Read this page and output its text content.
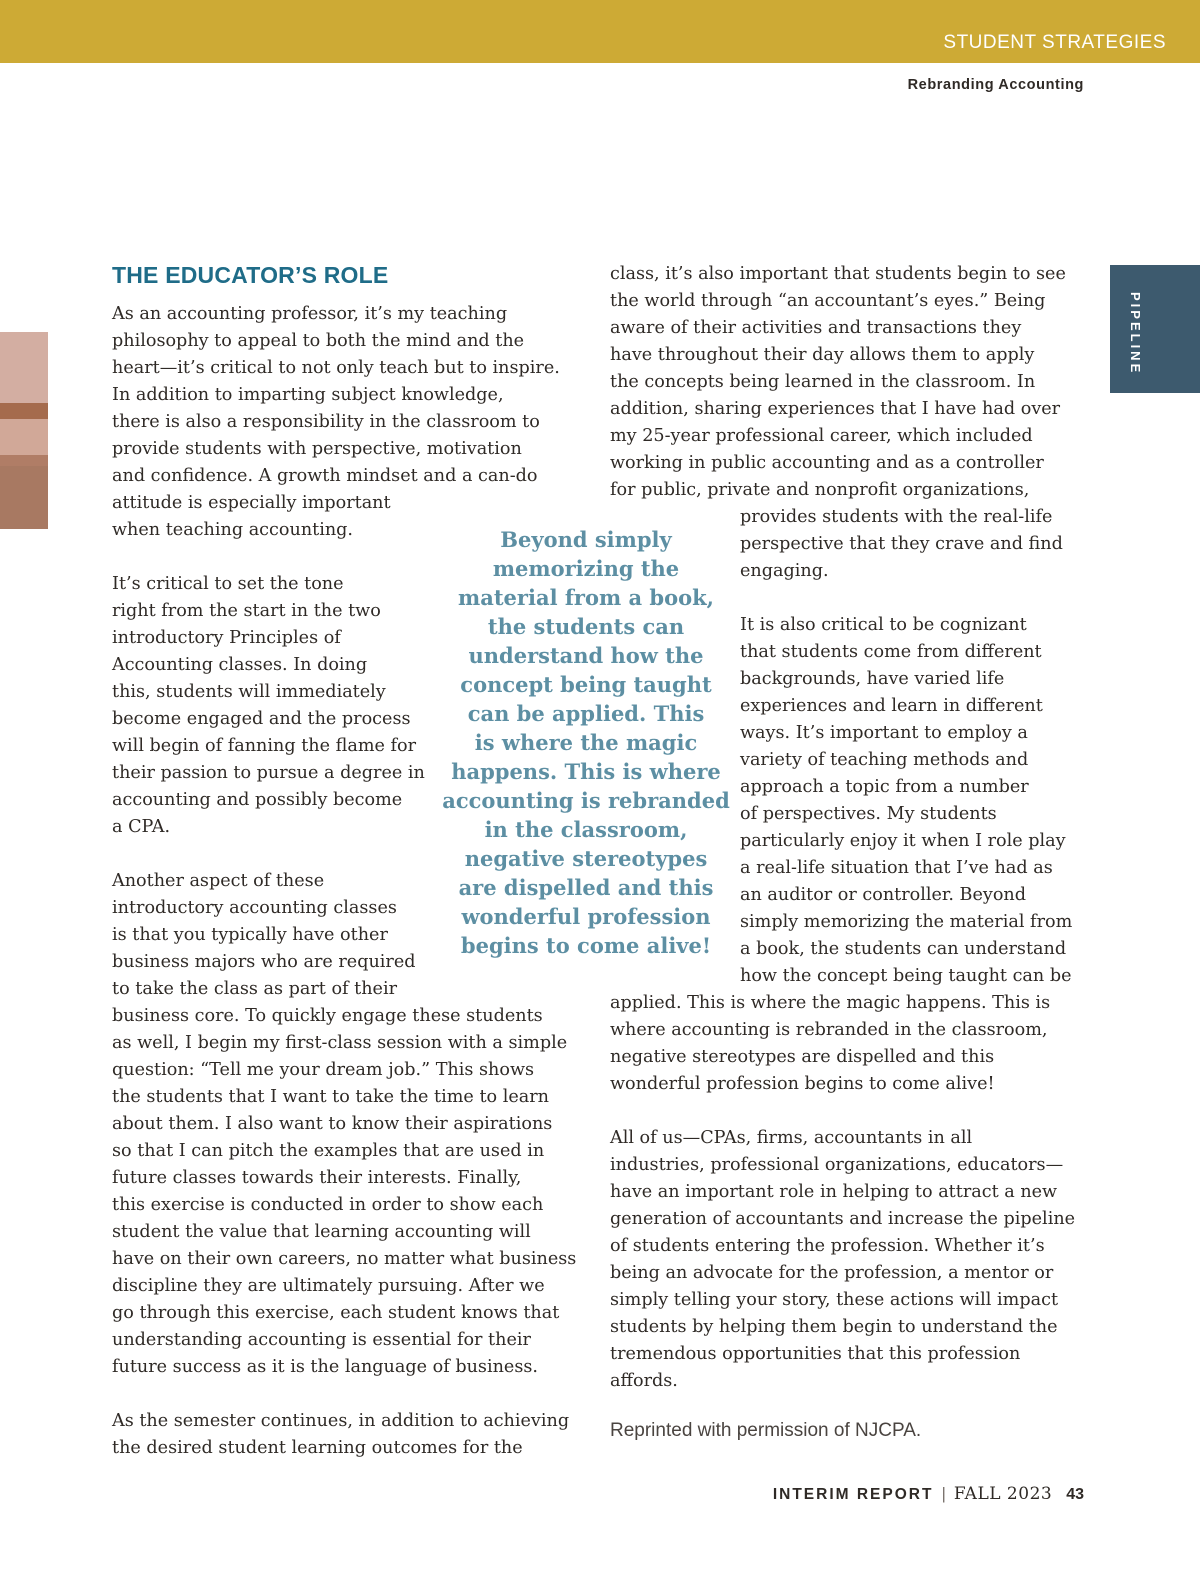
STUDENT STRATEGIES
Rebranding Accounting
PIPELINE
THE EDUCATOR’S ROLE
As an accounting professor, it’s my teaching
philosophy to appeal to both the mind and the
heart—it’s critical to not only teach but to inspire.
In addition to imparting subject knowledge,
there is also a responsibility in the classroom to
provide students with perspective, motivation
and confidence. A growth mindset and a can-do
attitude is especially important
when teaching accounting.
It’s critical to set the tone
right from the start in the two
introductory Principles of
Accounting classes. In doing
this, students will immediately
become engaged and the process
will begin of fanning the flame for
their passion to pursue a degree in
accounting and possibly become
a CPA.
Another aspect of these
introductory accounting classes
is that you typically have other
business majors who are required
to take the class as part of their
business core. To quickly engage these students
as well, I begin my first-class session with a simple
question: “Tell me your dream job.” This shows
the students that I want to take the time to learn
about them. I also want to know their aspirations
so that I can pitch the examples that are used in
future classes towards their interests. Finally,
this exercise is conducted in order to show each
student the value that learning accounting will
have on their own careers, no matter what business
discipline they are ultimately pursuing. After we
go through this exercise, each student knows that
understanding accounting is essential for their
future success as it is the language of business.
As the semester continues, in addition to achieving
the desired student learning outcomes for the
class, it’s also important that students begin to see
the world through “an accountant’s eyes.” Being
aware of their activities and transactions they
have throughout their day allows them to apply
the concepts being learned in the classroom. In
addition, sharing experiences that I have had over
my 25-year professional career, which included
working in public accounting and as a controller
for public, private and nonprofit organizations,
provides students with the real-life
perspective that they crave and find
engaging.
It is also critical to be cognizant
that students come from different
backgrounds, have varied life
experiences and learn in different
ways. It’s important to employ a
variety of teaching methods and
approach a topic from a number
of perspectives. My students
particularly enjoy it when I role play
a real-life situation that I’ve had as
an auditor or controller. Beyond
simply memorizing the material from
a book, the students can understand
how the concept being taught can be
applied. This is where the magic happens. This is
where accounting is rebranded in the classroom,
negative stereotypes are dispelled and this
wonderful profession begins to come alive!
All of us—CPAs, firms, accountants in all
industries, professional organizations, educators—
have an important role in helping to attract a new
generation of accountants and increase the pipeline
of students entering the profession. Whether it’s
being an advocate for the profession, a mentor or
simply telling your story, these actions will impact
students by helping them begin to understand the
tremendous opportunities that this profession
affords.
Beyond simply
memorizing the
material from a book,
the students can
understand how the
concept being taught
can be applied. This
is where the magic
happens. This is where
accounting is rebranded
in the classroom,
negative stereotypes
are dispelled and this
wonderful profession
begins to come alive!
Reprinted with permission of NJCPA.
INTERIM REPORT | FALL 2023 43
